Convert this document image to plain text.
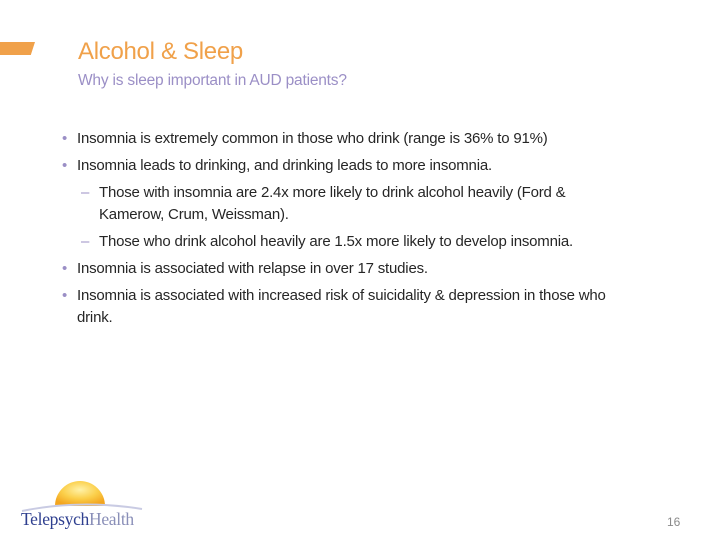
Alcohol & Sleep
Why is sleep important in AUD patients?
• Insomnia is extremely common in those who drink (range is 36% to 91%)
• Insomnia leads to drinking, and drinking leads to more insomnia.
– Those with insomnia are 2.4x more likely to drink alcohol heavily (Ford & Kamerow, Crum, Weissman).
– Those who drink alcohol heavily are 1.5x more likely to develop insomnia.
• Insomnia is associated with relapse in over 17 studies.
• Insomnia is associated with increased risk of suicidality & depression in those who drink.
TelepsychHealth	16
